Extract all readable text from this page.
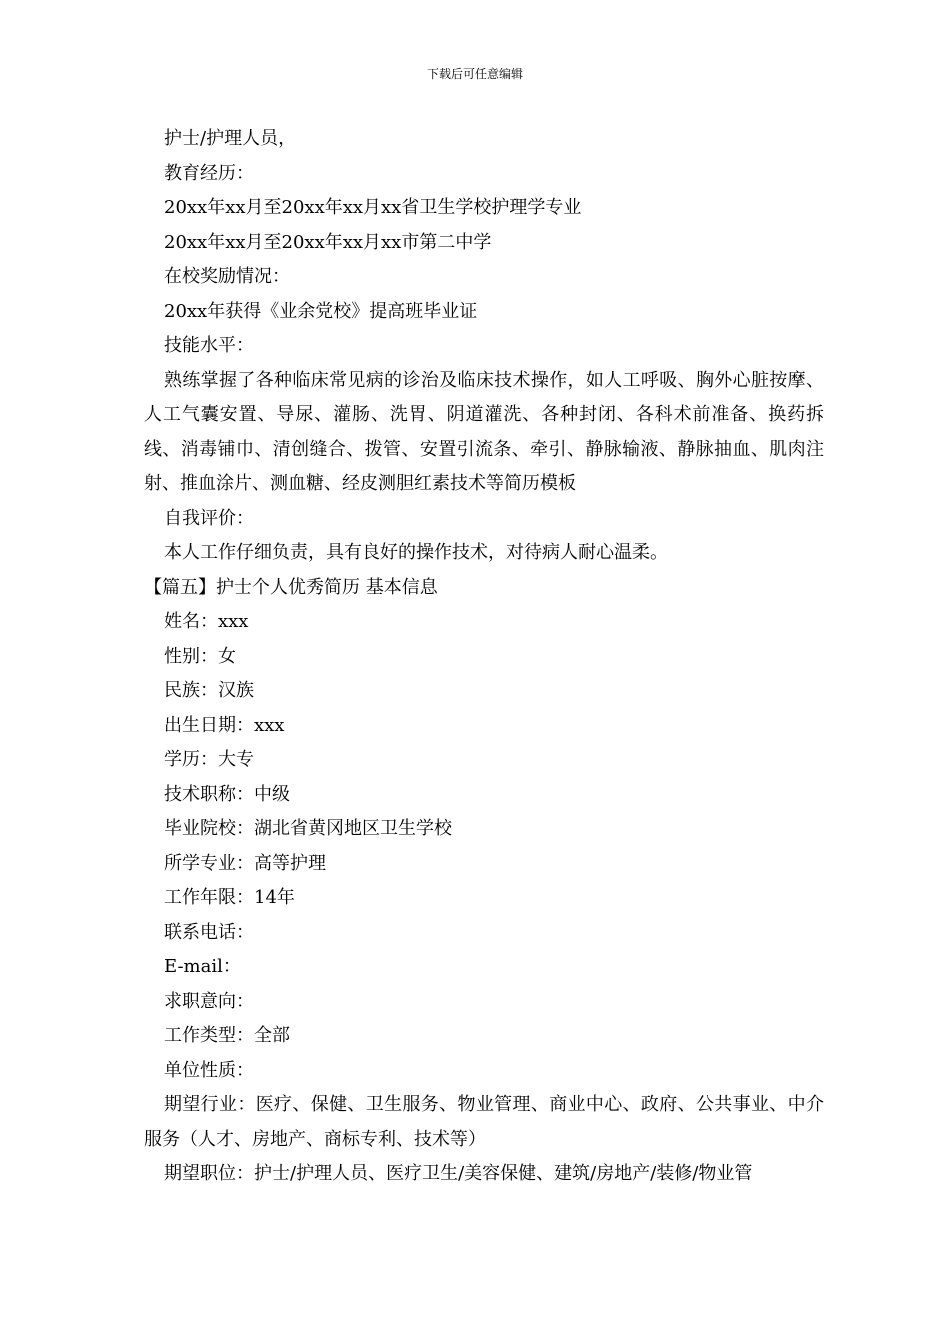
下载后可任意编辑
护士/护理人员，
教育经历：
20xx年xx月至20xx年xx月xx省卫生学校护理学专业
20xx年xx月至20xx年xx月xx市第二中学
在校奖励情况：
20xx年获得《业余党校》提高班毕业证
技能水平：
熟练掌握了各种临床常见病的诊治及临床技术操作，如人工呼吸、胸外心脏按摩、人工气囊安置、导尿、灌肠、洗胃、阴道灌洗、各种封闭、各科术前准备、换药拆线、消毒铺巾、清创缝合、拨管、安置引流条、牵引、静脉输液、静脉抽血、肌肉注射、推血涂片、测血糖、经皮测胆红素技术等简历模板
自我评价：
本人工作仔细负责，具有良好的操作技术，对待病人耐心温柔。
【篇五】护士个人优秀简历 基本信息
姓名：xxx
性别：女
民族：汉族
出生日期：xxx
学历：大专
技术职称：中级
毕业院校：湖北省黄冈地区卫生学校
所学专业：高等护理
工作年限：14年
联系电话：
E-mail：
求职意向：
工作类型：全部
单位性质：
期望行业：医疗、保健、卫生服务、物业管理、商业中心、政府、公共事业、中介服务（人才、房地产、商标专利、技术等）
期望职位：护士/护理人员、医疗卫生/美容保健、建筑/房地产/装修/物业管
